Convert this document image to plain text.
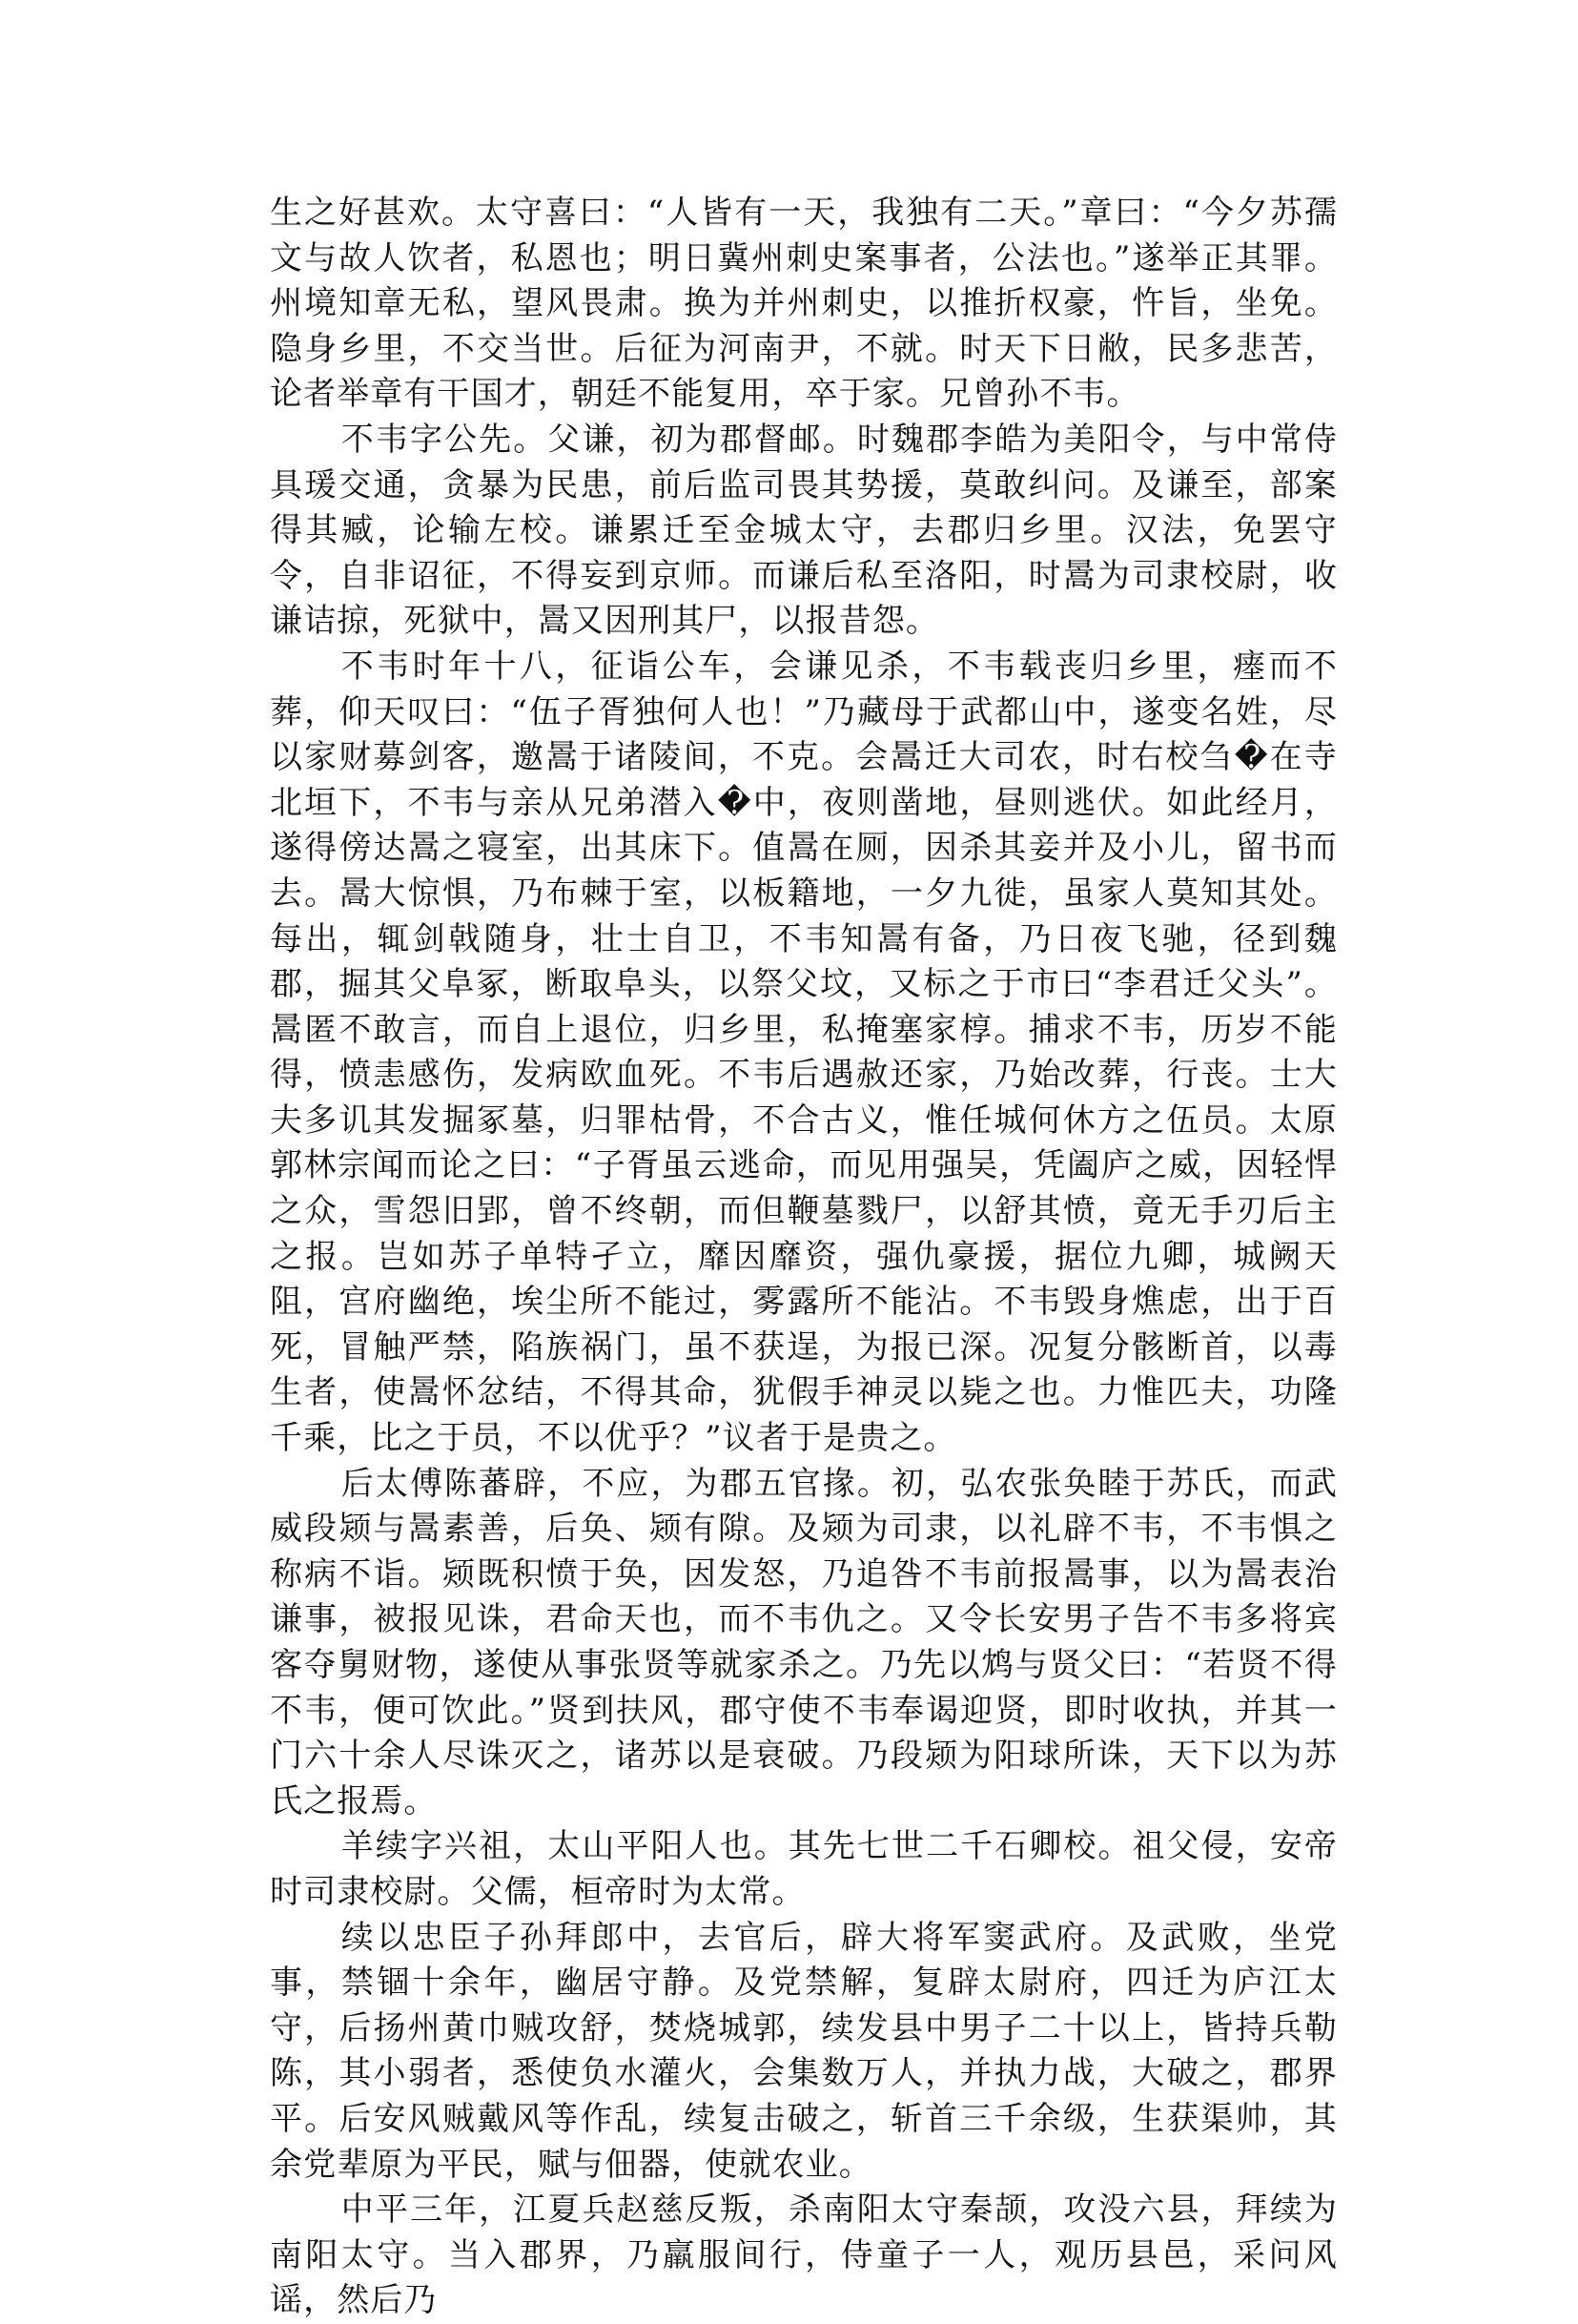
生之好甚欢。太守喜曰：“人皆有一天，我独有二天。”章曰：“今夕苏孺文与故人饮者，私恩也；明日冀州刺史案事者，公法也。”遂举正其罪。州境知章无私，望风畏肃。换为并州刺史，以推折权豪，忤旨，坐免。隐身乡里，不交当世。后征为河南尹，不就。时天下日敝，民多悲苦，论者举章有干国才，朝廷不能复用，卒于家。兄曾孙不韦。

不韦字公先。父谦，初为郡督邮。时魏郡李皓为美阳令，与中常侍具瑗交通，贪暴为民患，前后监司畏其势援，莫敢纠问。及谦至，部案得其臧，论输左校。谦累迁至金城太守，去郡归乡里。汉法，免罢守令，自非诏征，不得妄到京师。而谦后私至洛阳，时暠为司隶校尉，收谦诘掠，死狱中，暠又因刑其尸，以报昔怨。

不韦时年十八，征诣公车，会谦见杀，不韦载丧归乡里，瘗而不葬，仰天叹曰：“伍子胥独何人也！”乃藏母于武都山中，遂变名姓，尽以家财募剑客，邀暠于诸陵间，不克。会暠迁大司农，时右校刍�在寺北垣下，不韦与亲从兄弟潜入�中，夜则凿地，昼则逃伏。如此经月，遂得傍达暠之寝室，出其床下。值暠在厕，因杀其妾并及小儿，留书而去。暠大惊惧，乃布棘于室，以板籍地，一夕九徙，虽家人莫知其处。每出，辄剑戟随身，壮士自卫，不韦知暠有备，乃日夜飞驰，径到魏郡，掘其父阜冢，断取阜头，以祭父坟，又标之于市曰“李君迁父头”。暠匿不敢言，而自上退位，归乡里，私掩塞家椁。捕求不韦，历岁不能得，愤恚感伤，发病欧血死。不韦后遇赦还家，乃始改葬，行丧。士大夫多讥其发掘冢墓，归罪枯骨，不合古义，惟任城何休方之伍员。太原郭林宗闻而论之曰：“子胥虽云逃命，而见用强吴，凭阖庐之威，因轻悍之众，雪怨旧郢，曾不终朝，而但鞭墓戮尸，以舒其愤，竟无手刃后主之报。岂如苏子单特孑立，靡因靡资，强仇豪援，据位九卿，城阙天阻，宫府幽绝，埃尘所不能过，雾露所不能沾。不韦毁身燋虑，出于百死，冒触严禁，陷族祸门，虽不获逞，为报已深。况复分骸断首，以毒生者，使暠怀忿结，不得其命，犹假手神灵以毙之也。力惟匹夫，功隆千乘，比之于员，不以优乎？”议者于是贵之。

后太傅陈蕃辟，不应，为郡五官掾。初，弘农张奂睦于苏氏，而武威段颎与暠素善，后奂、颎有隙。及颎为司隶，以礼辟不韦，不韦惧之称病不诣。颎既积愤于奂，因发怒，乃追咎不韦前报暠事，以为暠表治谦事，被报见诛，君命天也，而不韦仇之。又令长安男子告不韦多将宾客夺舅财物，遂使从事张贤等就家杀之。乃先以鸩与贤父曰：“若贤不得不韦，便可饮此。”贤到扶风，郡守使不韦奉谒迎贤，即时收执，并其一门六十余人尽诛灭之，诸苏以是衰破。乃段颎为阳球所诛，天下以为苏氏之报焉。

羊续字兴祖，太山平阳人也。其先七世二千石卿校。祖父侵，安帝时司隶校尉。父儒，桓帝时为太常。

续以忠臣子孙拜郎中，去官后，辟大将军窦武府。及武败，坐党事，禁锢十余年，幽居守静。及党禁解，复辟太尉府，四迁为庐江太守，后扬州黄巾贼攻舒，焚烧城郭，续发县中男子二十以上，皆持兵勒陈，其小弱者，悉使负水灌火，会集数万人，并执力战，大破之，郡界平。后安风贼戴风等作乱，续复击破之，斩首三千余级，生获渠帅，其余党辈原为平民，赋与佃器，使就农业。

中平三年，江夏兵赵慈反叛，杀南阳太守秦颉，攻没六县，拜续为南阳太守。当入郡界，乃羸服间行，侍童子一人，观历县邑，采问风谣，然后乃
